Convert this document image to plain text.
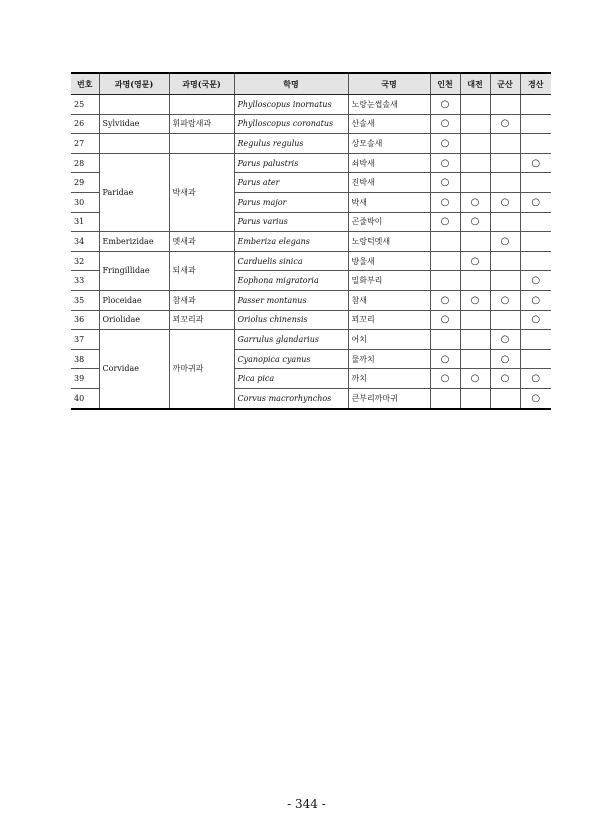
번호	과명(영문)	과명(국문)	학명	국명	인천	대전	군산	경산
25			Phylloscopus inornatus	노랑눈썹솔새	○			
26	Sylviidae	휘파람새과	Phylloscopus coronatus	산솔새	○		○	
27			Regulus regulus	상모솔새	○			
28	Paridae	박새과	Parus palustris	쇠박새	○			○
29			Parus ater	진박새	○			
30			Parus major	박새	○	○	○	○
31			Parus varius	곤줄박이	○	○		
34	Emberizidae	멧새과	Emberiza elegans	노랑턱멧새			○	
32	Fringillidae	되새과	Carduelis sinica	방울새		○		
33			Eophona migratoria	밀화부리				○
35	Ploceidae	참새과	Passer montanus	참새	○	○	○	○
36	Oriolidae	꾀꼬리과	Oriolus chinensis	꾀꼬리	○			○
37	Corvidae	까마귀과	Garrulus glandarius	어치			○	
38			Cyanopica cyanus	물까치	○		○	
39			Pica pica	까치	○	○	○	○
40			Corvus macrorhynchos	큰부리까마귀				○
- 344 -
